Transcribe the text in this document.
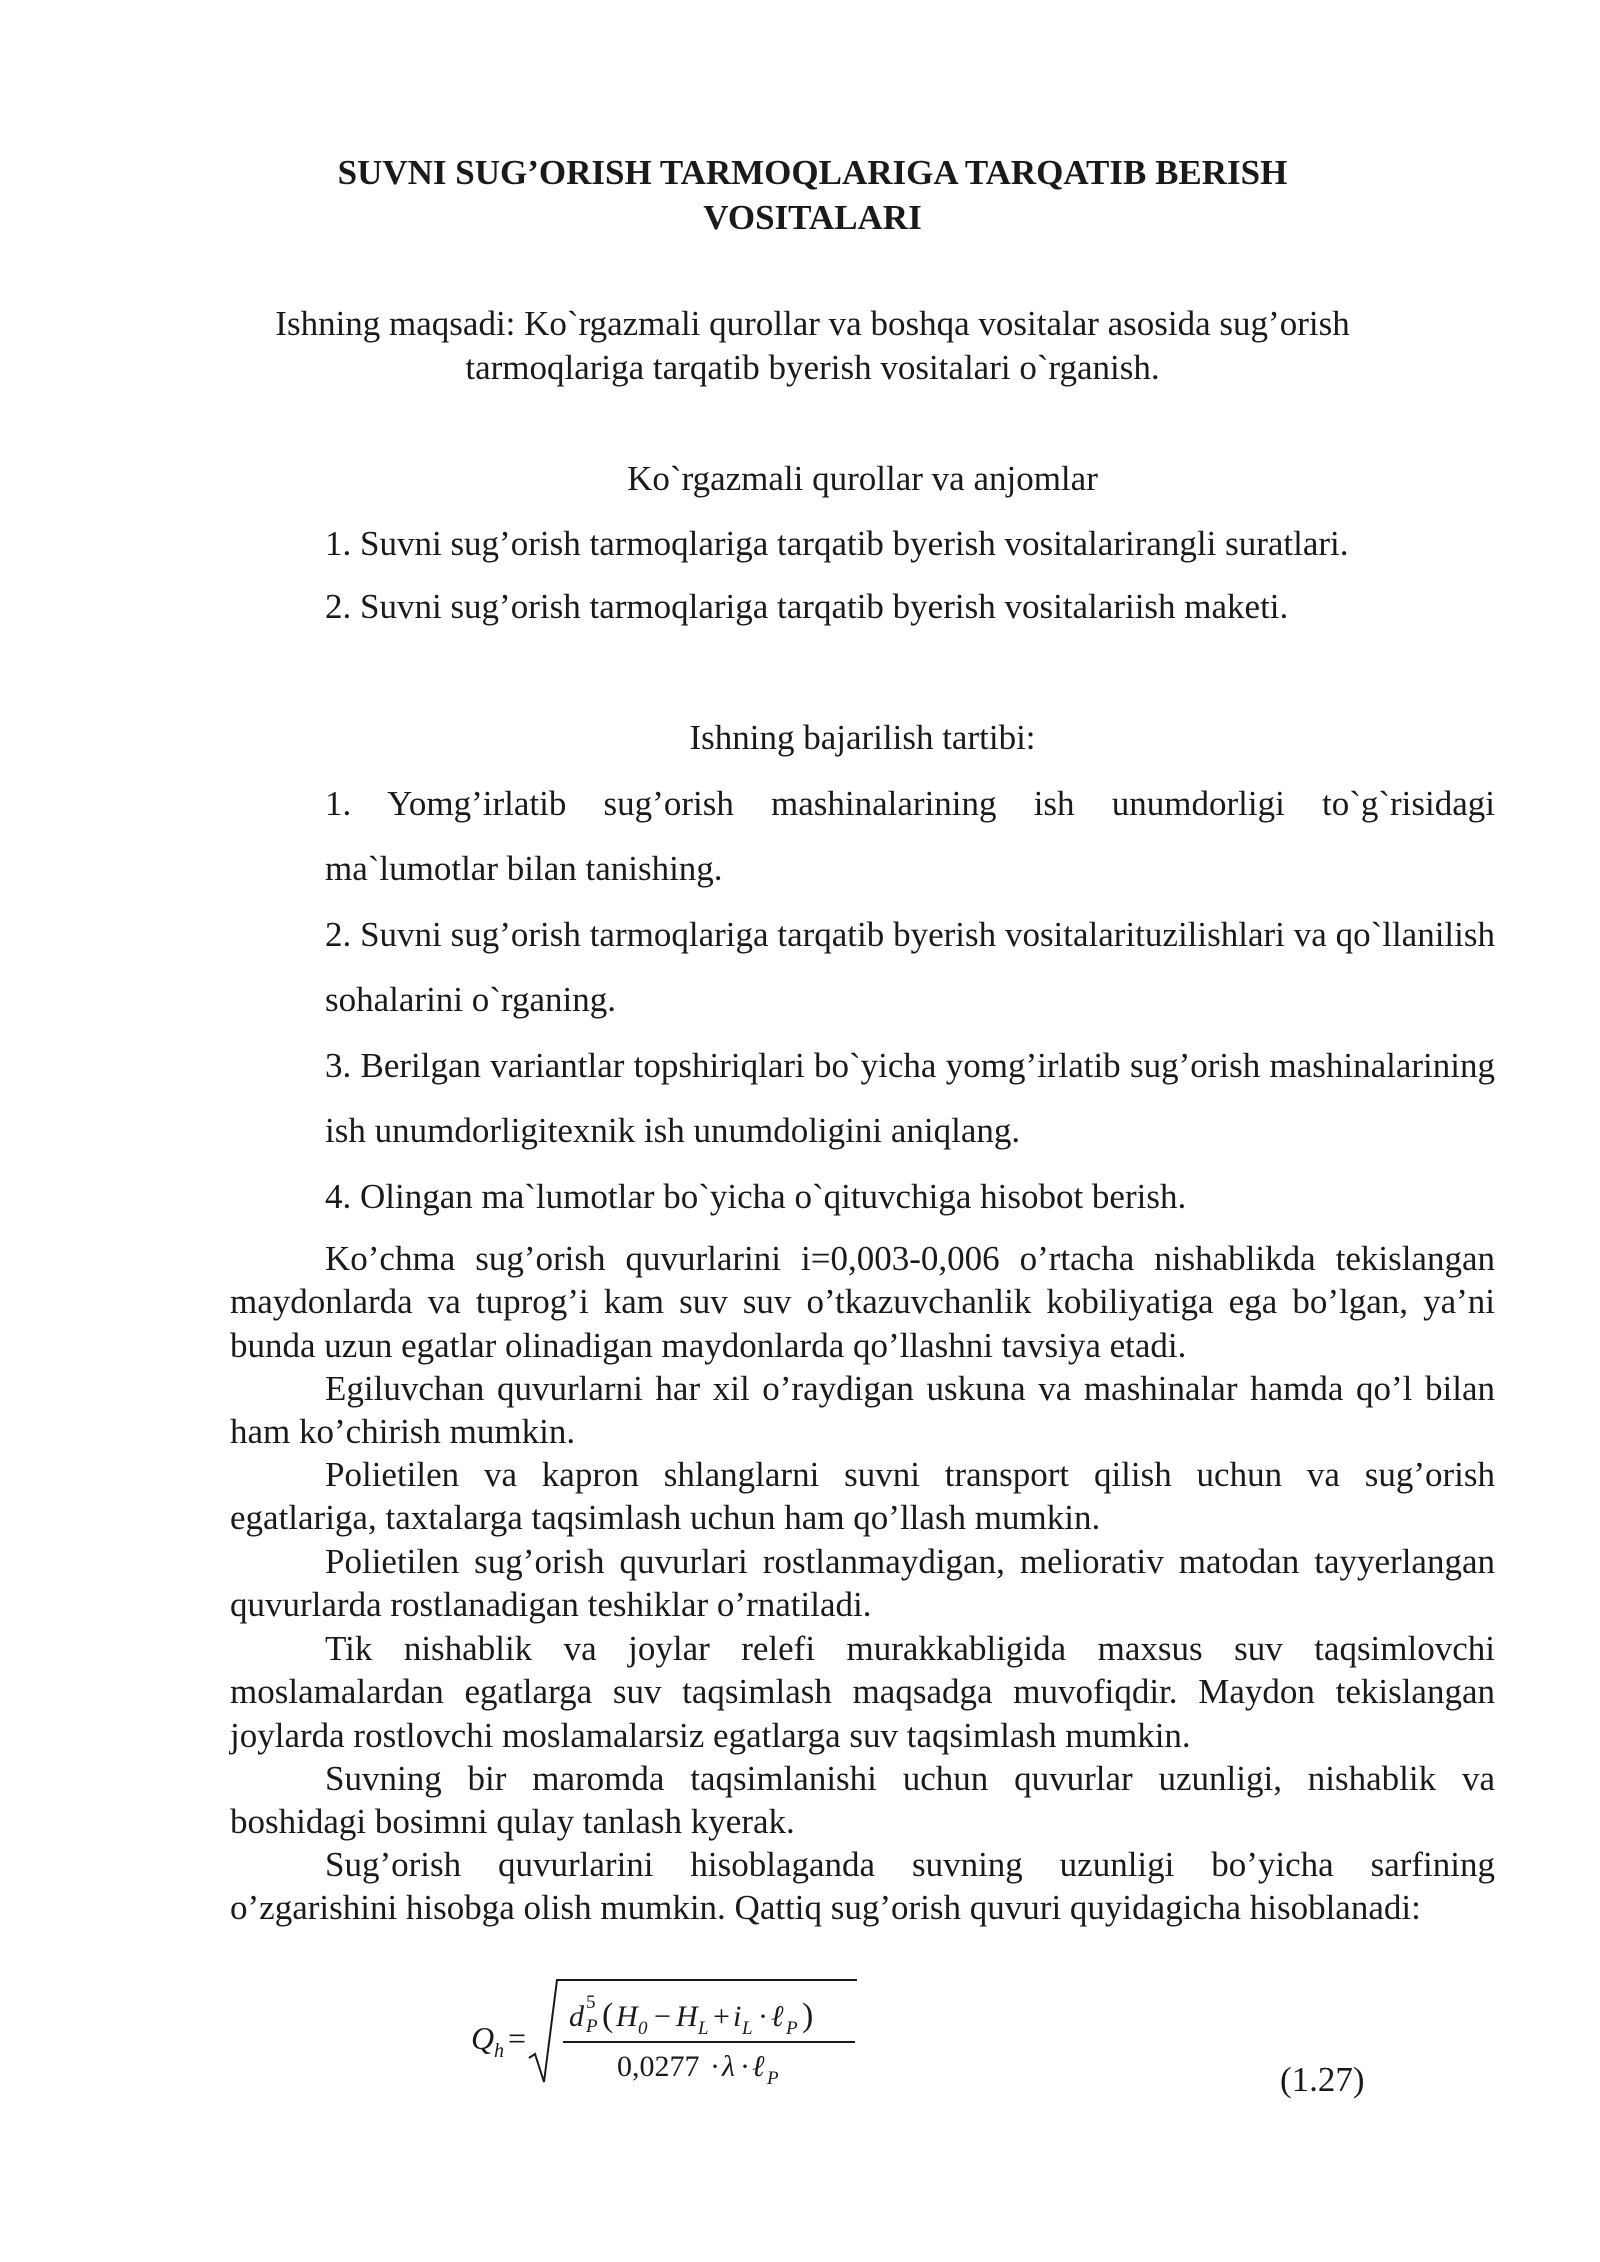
SUVNI SUG’ORISH TARMOQLARIGA TARQATIB BERISH VOSITALARI
Ishning maqsadi: Ko`rgazmali qurollar va boshqa vositalar asosida sug’orish tarmoqlariga tarqatib byerish vositalari o`rganish.
Ko`rgazmali qurollar va anjomlar
1. Suvni sug’orish tarmoqlariga tarqatib byerish vositalarirangli suratlari.
2. Suvni sug’orish tarmoqlariga tarqatib byerish vositalariish maketi.
Ishning bajarilish tartibi:
1. Yomg’irlatib sug’orish mashinalarining ish unumdorligi to`g`risidagi ma`lumotlar bilan tanishing.
2. Suvni sug’orish tarmoqlariga tarqatib byerish vositalarituzilishlari va qo`llanilish sohalarini o`rganing.
3. Berilgan variantlar topshiriqlari bo`yicha yomg’irlatib sug’orish mashinalarining ish unumdorligitexnik ish unumdoligini aniqlang.
4. Olingan ma`lumotlar bo`yicha o`qituvchiga hisobot berish.
Ko’chma sug’orish quvurlarini i=0,003-0,006 o’rtacha nishablikda tekislangan maydonlarda va tuprog’i kam suv suv o’tkazuvchanlik kobiliyatiga ega bo’lgan, ya’ni bunda uzun egatlar olinadigan maydonlarda qo’llashni tavsiya etadi.
Egiluvchan quvurlarni har xil o’raydigan uskuna va mashinalar hamda qo’l bilan ham ko’chirish mumkin.
Polietilen va kapron shlanglarni suvni transport qilish uchun va sug’orish egatlariga, taxtalarga taqsimlash uchun ham qo’llash mumkin.
Polietilen sug’orish quvurlari rostlanmaydigan, meliorativ matodan tayyerlangan quvurlarda rostlanadigan teshiklar o’rnatiladi.
Tik nishablik va joylar relefi murakkabligida maxsus suv taqsimlovchi moslamalardan egatlarga suv taqsimlash maqsadga muvofiqdir. Maydon tekislangan joylarda rostlovchi moslamalarsiz egatlarga suv taqsimlash mumkin.
Suvning bir maromda taqsimlanishi uchun quvurlar uzunligi, nishablik va boshidagi bosimni qulay tanlash kyerak.
Sug’orish quvurlarini hisoblaganda suvning uzunligi bo’yicha sarfining o’zgarishini hisobga olish mumkin. Qattiq sug’orish quvuri quyidagicha hisoblanadi:
Q h =
d 5
P ( H 0 − H L + i L · ℓ P )
0,0277 · λ · ℓ P	(1.27)
